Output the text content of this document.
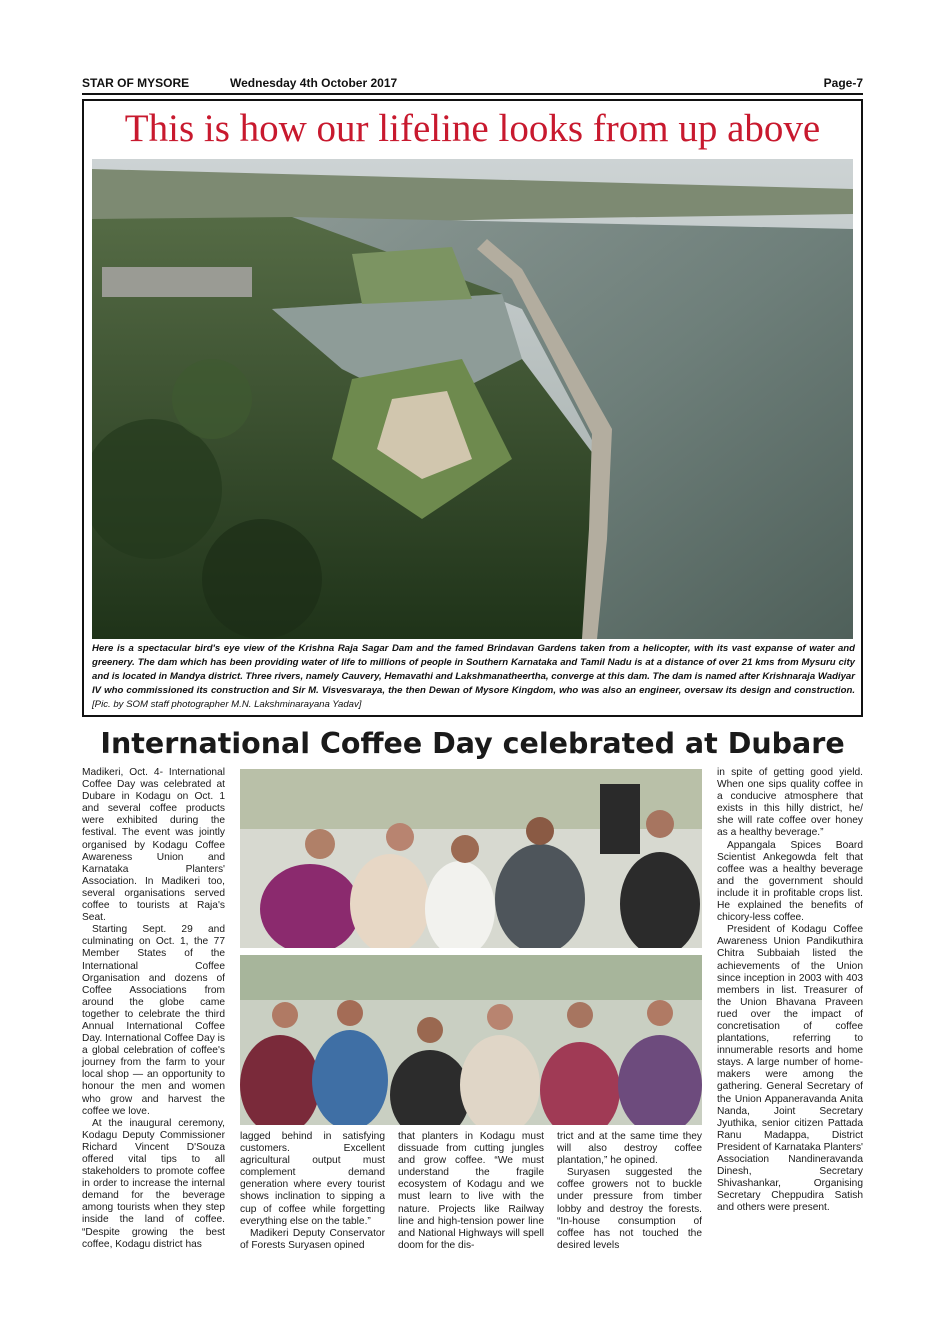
STAR OF MYSORE	Wednesday 4th October 2017	Page-7
This is how our lifeline looks from up above
Here is a spectacular bird's eye view of the Krishna Raja Sagar Dam and the famed Brindavan Gardens taken from a helicopter, with its vast expanse of water and greenery. The dam which has been providing water of life to millions of people in Southern Karnataka and Tamil Nadu is at a distance of over 21 kms from Mysuru city and is located in Mandya district. Three rivers, namely Cauvery, Hemavathi and Lakshmanatheertha, converge at this dam. The dam is named after Krishnaraja Wadiyar IV who commissioned its construction and Sir M. Visvesvaraya, the then Dewan of Mysore Kingdom, who was also an engineer, oversaw its design and construction. [Pic. by SOM staff photographer M.N. Lakshminarayana Yadav]
International Coffee Day celebrated at Dubare

Madikeri, Oct. 4- International Coffee Day was celebrated at Dubare in Kodagu on Oct. 1 and several coffee products were exhibited during the festival. The event was jointly organised by Kodagu Coffee Awareness Union and Karnataka Planters' Association. In Madikeri too, several organisations served coffee to tourists at Raja's Seat.

Starting Sept. 29 and culminating on Oct. 1, the 77 Member States of the International Coffee Organisation and dozens of Coffee Associations from around the globe came together to celebrate the third Annual International Coffee Day. International Coffee Day is a global celebration of coffee's journey from the farm to your local shop — an opportunity to honour the men and women who grow and harvest the coffee we love.

At the inaugural ceremony, Kodagu Deputy Commissioner Richard Vincent D'Souza offered vital tips to all stakeholders to promote coffee in order to increase the internal demand for the beverage among tourists when they step inside the land of coffee. “Despite growing the best coffee, Kodagu district has

lagged behind in satisfying customers. Excellent agricultural output must complement demand generation where every tourist shows inclination to sipping a cup of coffee while forgetting everything else on the table.”

Madikeri Deputy Conservator of Forests Suryasen opined

that planters in Kodagu must dissuade from cutting jungles and grow coffee. “We must understand the fragile ecosystem of Kodagu and we must learn to live with the nature. Projects like Railway line and high-tension power line and National Highways will spell doom for the dis-

trict and at the same time they will also destroy coffee plantation,” he opined.

Suryasen suggested the coffee growers not to buckle under pressure from timber lobby and destroy the forests. “In-house consumption of coffee has not touched the desired levels

in spite of getting good yield. When one sips quality coffee in a conducive atmosphere that exists in this hilly district, he/ she will rate coffee over honey as a healthy beverage.”

Appangala Spices Board Scientist Ankegowda felt that coffee was a healthy beverage and the government should include it in profitable crops list. He explained the benefits of chicory-less coffee.

President of Kodagu Coffee Awareness Union Pandikuthira Chitra Subbaiah listed the achievements of the Union since inception in 2003 with 403 members in list. Treasurer of the Union Bhavana Praveen rued over the impact of concretisation of coffee plantations, referring to innumerable resorts and home stays. A large number of home- makers were among the gathering. General Secretary of the Union Appaneravanda Anita Nanda, Joint Secretary Jyuthika, senior citizen Pattada Ranu Madappa, District President of Karnataka Planters' Association Nandineravanda Dinesh, Secretary Shivashankar, Organising Secretary Cheppudira Satish and others were present.
